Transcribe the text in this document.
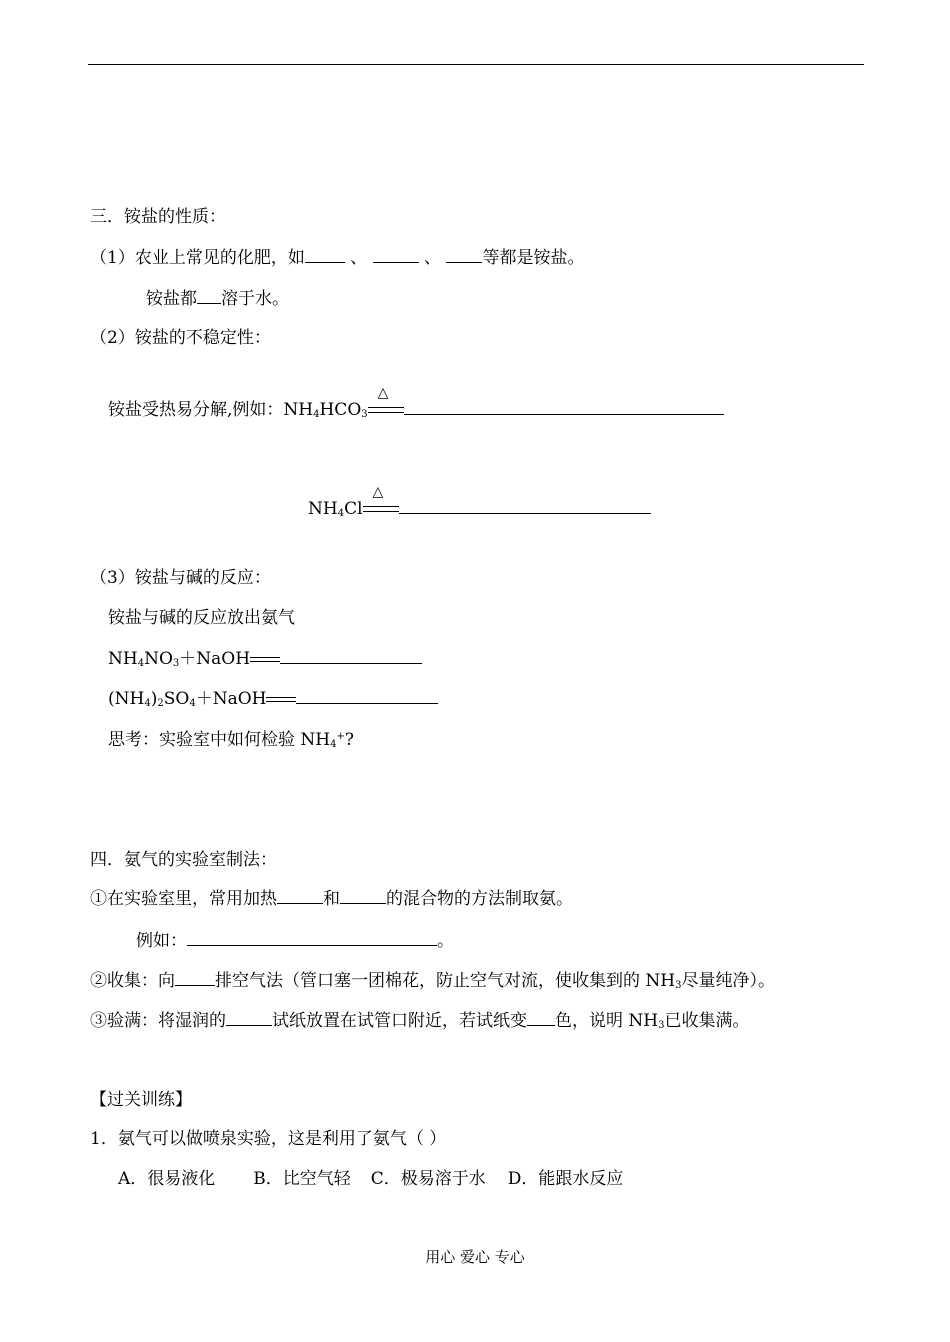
三．铵盐的性质：
（1）农业上常见的化肥，如	、	、 等都是铵盐。
铵盐都 溶于水。
（2）铵盐的不稳定性：
铵盐受热易分解,例如：$NH_4HCO_3$
△
$NH_4Cl$
△
（3）铵盐与碱的反应：
铵盐与碱的反应放出氨气
$NH_4NO_3+NaOH$
$(NH_4)_2SO_4+NaOH$
思考：实验室中如何检验 $NH_4^+$?
四．氨气的实验室制法：
①在实验室里，常用加热	和	的混合物的方法制取氨。
例如：	。
②收集：向 排空气法（管口塞一团棉花，防止空气对流，使收集到的 $NH_3$尽量纯净）。
③验满：将湿润的	试纸放置在试管口附近，若试纸变 色，说明 $NH_3$已收集满。
【过关训练】
1．氨气可以做喷泉实验，这是利用了氨气（ ）
A．很易液化 B．比空气轻 C．极易溶于水 D．能跟水反应
用心 爱心 专心
